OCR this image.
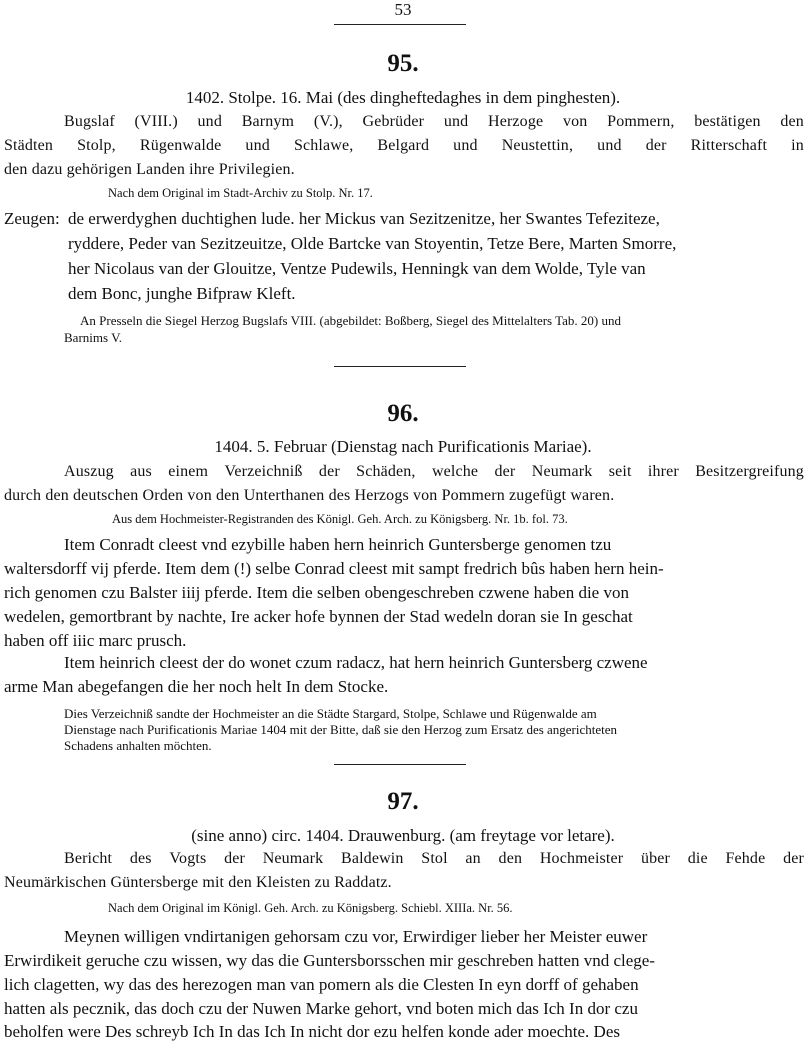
53
95.
1402. Stolpe. 16. Mai (des dingheftedaghes in dem pinghesten).
Bugslaf (VIII.) und Barnym (V.), Gebrüder und Herzoge von Pommern, bestätigen den
Städten Stolp, Rügenwalde und Schlawe, Belgard und Neustettin, und der Ritterschaft in
den dazu gehörigen Landen ihre Privilegien.
Nach dem Original im Stadt-Archiv zu Stolp. Nr. 17.
Zeugen: de erwerdyghen duchtighen lude. her Mickus van Sezitzenitze, her Swantes Tefeziteze,
ryddere, Peder van Sezitzeuitze, Olde Bartcke van Stoyentin, Tetze Bere, Marten Smorre,
her Nicolaus van der Glouitze, Ventze Pudewils, Henningk van dem Wolde, Tyle van
dem Bonc, junghe Bifpraw Kleft.
An Presseln die Siegel Herzog Bugslafs VIII. (abgebildet: Boßberg, Siegel des Mittelalters Tab. 20) und
Barnims V.
96.
1404. 5. Februar (Dienstag nach Purificationis Mariae).
Auszug aus einem Verzeichniß der Schäden, welche der Neumark seit ihrer Besitzergreifung
durch den deutschen Orden von den Unterthanen des Herzogs von Pommern zugefügt waren.
Aus dem Hochmeister-Registranden des Königl. Geh. Arch. zu Königsberg. Nr. 1b. fol. 73.
Item Conradt cleest vnd ezybille haben hern heinrich Guntersberge genomen tzu
waltersdorff vij pferde. Item dem (!) selbe Conrad cleest mit sampt fredrich bûs haben hern hein-
rich genomen czu Balster iiij pferde. Item die selben obengeschreben czwene haben die von
wedelen, gemortbrant by nachte, Ire acker hofe bynnen der Stad wedeln doran sie In geschat
haben off iiic marc prusch.
Item heinrich cleest der do wonet czum radacz, hat hern heinrich Guntersberg czwene
arme Man abegefangen die her noch helt In dem Stocke.
Dies Verzeichniß sandte der Hochmeister an die Städte Stargard, Stolpe, Schlawe und Rügenwalde am
Dienstage nach Purificationis Mariae 1404 mit der Bitte, daß sie den Herzog zum Ersatz des angerichteten
Schadens anhalten möchten.
97.
(sine anno) circ. 1404. Drauwenburg. (am freytage vor letare).
Bericht des Vogts der Neumark Baldewin Stol an den Hochmeister über die Fehde der
Neumärkischen Güntersberge mit den Kleisten zu Raddatz.
Nach dem Original im Königl. Geh. Arch. zu Königsberg. Schiebl. XIIIa. Nr. 56.
Meynen willigen vndirtanigen gehorsam czu vor, Erwirdiger lieber her Meister euwer
Erwirdikeit geruche czu wissen, wy das die Guntersborsschen mir geschreben hatten vnd clege-
lich clagetten, wy das des herezogen man van pomern als die Clesten In eyn dorff of gehaben
hatten als pecznik, das doch czu der Nuwen Marke gehort, vnd boten mich das Ich In dor czu
beholfen were Des schreyb Ich In das Ich In nicht dor ezu helfen konde ader moechte. Des
